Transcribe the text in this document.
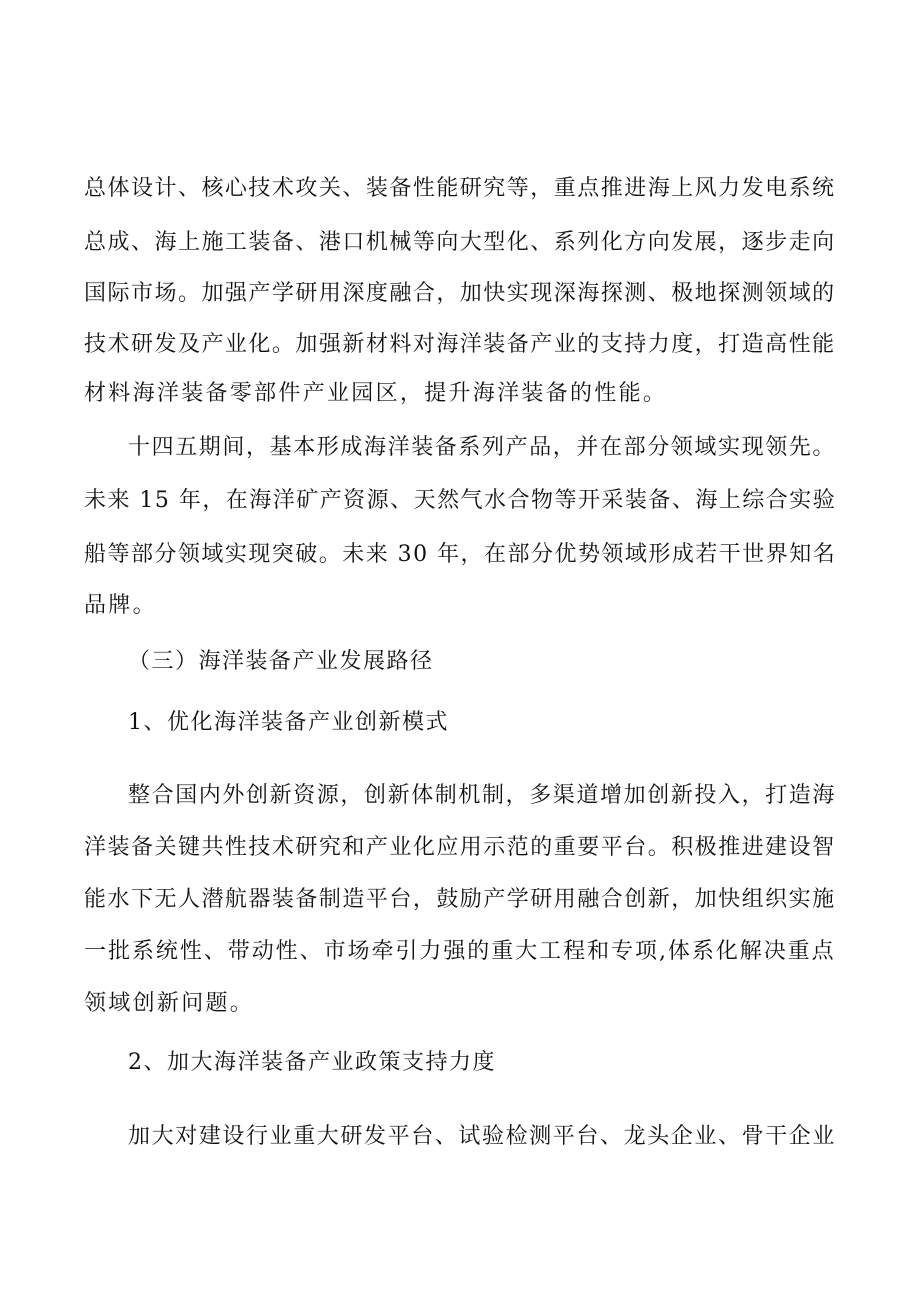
总体设计、核心技术攻关、装备性能研究等，重点推进海上风力发电系统
总成、海上施工装备、港口机械等向大型化、系列化方向发展，逐步走向
国际市场。加强产学研用深度融合，加快实现深海探测、极地探测领域的
技术研发及产业化。加强新材料对海洋装备产业的支持力度，打造高性能
材料海洋装备零部件产业园区，提升海洋装备的性能。
十四五期间，基本形成海洋装备系列产品，并在部分领域实现领先。
未来 15 年，在海洋矿产资源、天然气水合物等开采装备、海上综合实验
船等部分领域实现突破。未来 30 年，在部分优势领域形成若干世界知名
品牌。
（三）海洋装备产业发展路径
1、优化海洋装备产业创新模式
整合国内外创新资源，创新体制机制，多渠道增加创新投入，打造海
洋装备关键共性技术研究和产业化应用示范的重要平台。积极推进建设智
能水下无人潜航器装备制造平台，鼓励产学研用融合创新，加快组织实施
一批系统性、带动性、市场牵引力强的重大工程和专项,体系化解决重点
领域创新问题。
2、加大海洋装备产业政策支持力度
加大对建设行业重大研发平台、试验检测平台、龙头企业、骨干企业
